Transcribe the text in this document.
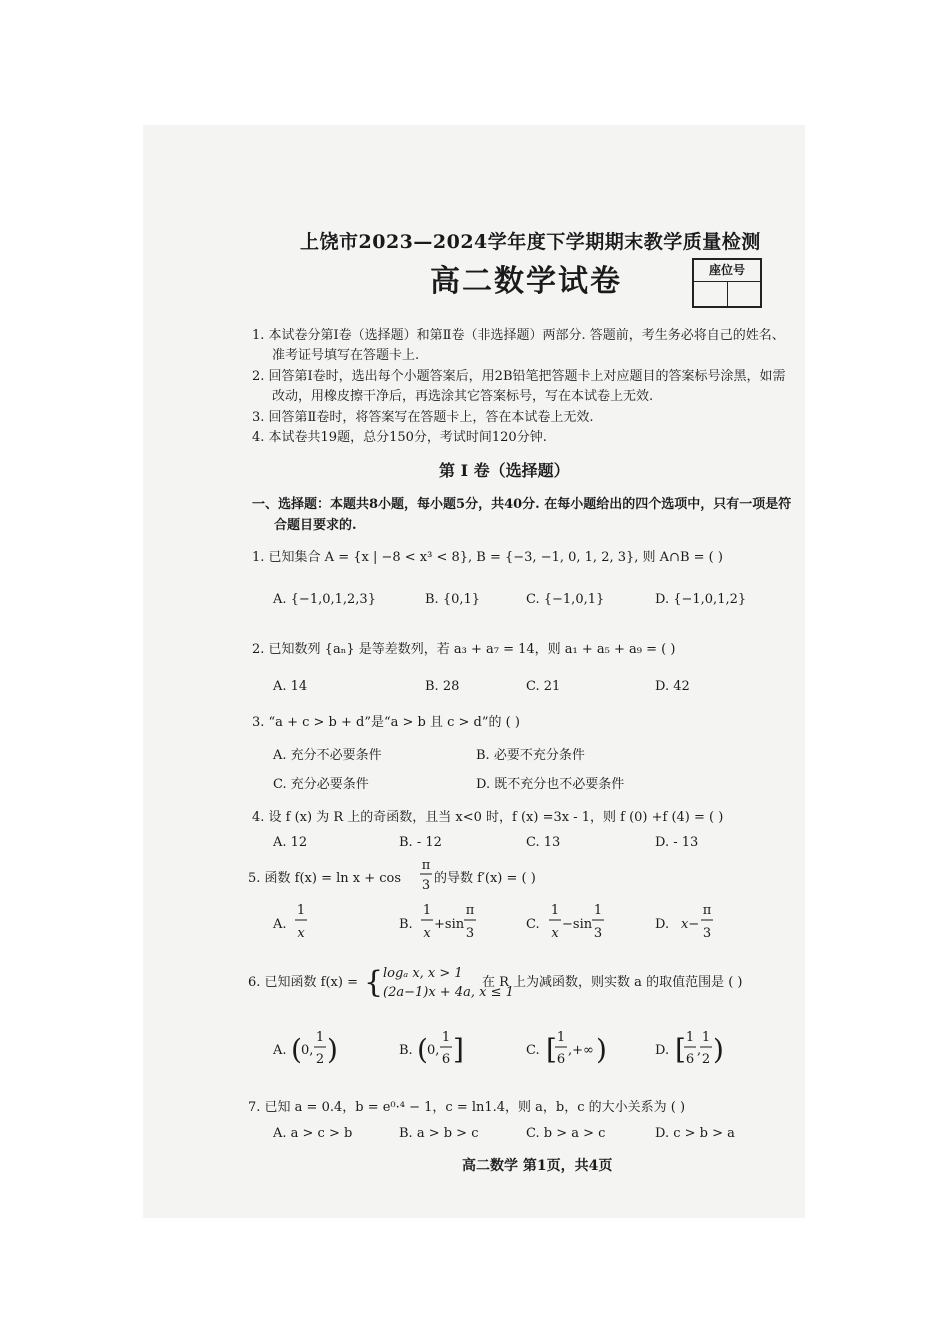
上饶市2023—2024学年度下学期期末教学质量检测
高二数学试卷	座位号
1. 本试卷分第Ⅰ卷（选择题）和第Ⅱ卷（非选择题）两部分. 答题前，考生务必将自己的姓名、
准考证号填写在答题卡上.
2. 回答第Ⅰ卷时，选出每个小题答案后，用2B铅笔把答题卡上对应题目的答案标号涂黑，如需
改动，用橡皮擦干净后，再选涂其它答案标号，写在本试卷上无效.
3. 回答第Ⅱ卷时，将答案写在答题卡上，答在本试卷上无效.
4. 本试卷共19题，总分150分，考试时间120分钟.
第 Ⅰ 卷（选择题）
一、选择题：本题共8小题，每小题5分，共40分. 在每小题给出的四个选项中，只有一项是符
合题目要求的.
1. 已知集合 A = {x | −8 < x³ < 8}, B = {−3, −1, 0, 1, 2, 3}, 则 A∩B = ( )
A. {−1,0,1,2,3}	B. {0,1}	C. {−1,0,1}	D. {−1,0,1,2}
2. 已知数列 {aₙ} 是等差数列，若 a₃ + a₇ = 14，则 a₁ + a₅ + a₉ = ( )
A. 14	B. 28	C. 21	D. 42
3. “a + c > b + d”是“a > b 且 c > d”的 ( )
A. 充分不必要条件	B. 必要不充分条件
C. 充分必要条件	D. 既不充分也不必要条件
4. 设 f (x) 为 R 上的奇函数，且当 x<0 时，f (x) =3x - 1，则 f (0) +f (4) = ( )
A. 12	B. - 12	C. 13	D. - 13
5. 函数 f(x) = ln x + cos
π
3 的导数 f′(x) = ( )
A.
1
x
B.
1
x
+sin
π
3
C.
1
x
−sin
1
3
D. x−
π
3
6. 已知函数 f(x) = { logₐ x, x > 1
(2a−1)x + 4a, x ≤ 1
在 R 上为减函数，则实数 a 的取值范围是 ( )
A. ( 0,
1
2 )	B. ( 0,
1
6 ]	C. [ 1
6
,+∞ )	D. [ 1
6
,
1
2 )
7. 已知 a = 0.4，b = e⁰·⁴ − 1，c = ln1.4，则 a，b，c 的大小关系为 ( )
A. a > c > b	B. a > b > c	C. b > a > c	D. c > b > a
高二数学 第1页，共4页
